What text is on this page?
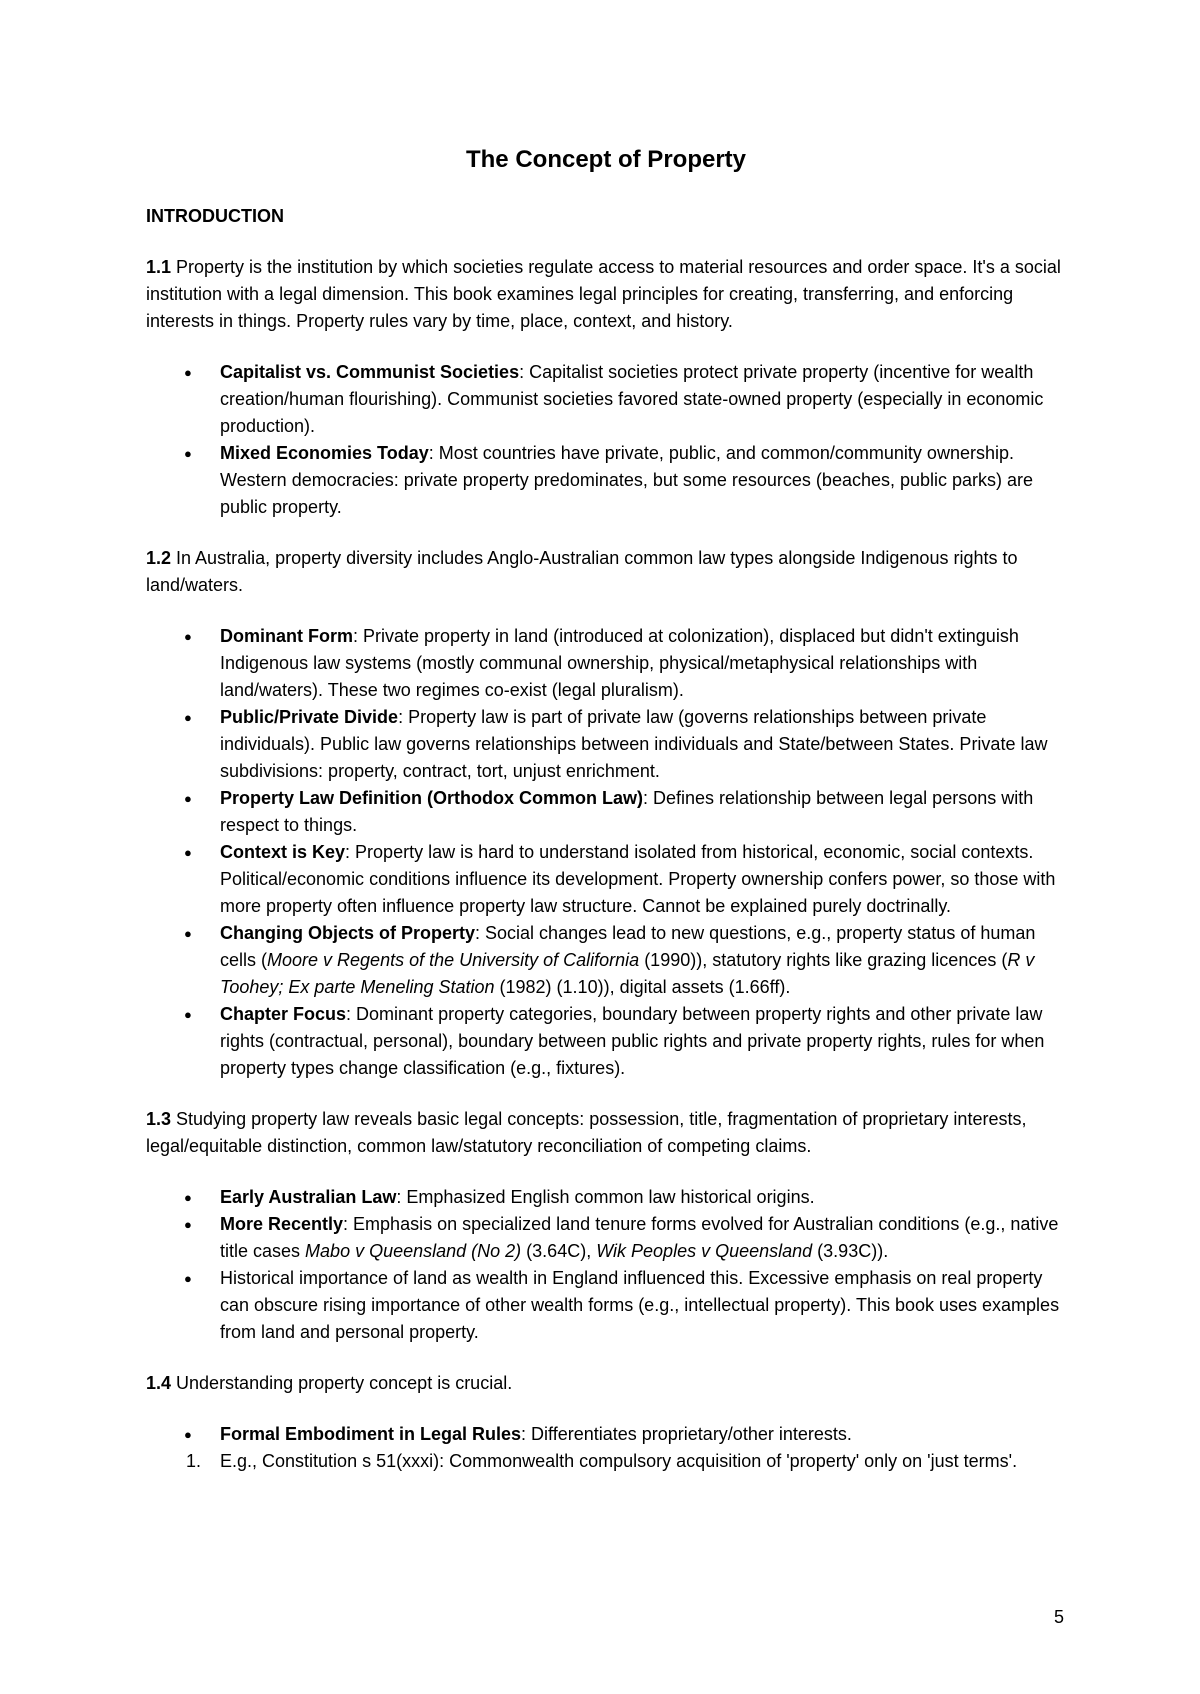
The Concept of Property
INTRODUCTION

1.1 Property is the institution by which societies regulate access to material resources and order space. It's a social institution with a legal dimension. This book examines legal principles for creating, transferring, and enforcing interests in things. Property rules vary by time, place, context, and history.

● Capitalist vs. Communist Societies: Capitalist societies protect private property (incentive for wealth creation/human flourishing). Communist societies favored state-owned property (especially in economic production).
● Mixed Economies Today: Most countries have private, public, and common/community ownership. Western democracies: private property predominates, but some resources (beaches, public parks) are public property.

1.2 In Australia, property diversity includes Anglo-Australian common law types alongside Indigenous rights to land/waters.

● Dominant Form: Private property in land (introduced at colonization), displaced but didn't extinguish Indigenous law systems (mostly communal ownership, physical/metaphysical relationships with land/waters). These two regimes co-exist (legal pluralism).
● Public/Private Divide: Property law is part of private law (governs relationships between private individuals). Public law governs relationships between individuals and State/between States. Private law subdivisions: property, contract, tort, unjust enrichment.
● Property Law Definition (Orthodox Common Law): Defines relationship between legal persons with respect to things.
● Context is Key: Property law is hard to understand isolated from historical, economic, social contexts. Political/economic conditions influence its development. Property ownership confers power, so those with more property often influence property law structure. Cannot be explained purely doctrinally.
● Changing Objects of Property: Social changes lead to new questions, e.g., property status of human cells (Moore v Regents of the University of California (1990)), statutory rights like grazing licences (R v Toohey; Ex parte Meneling Station (1982) (1.10)), digital assets (1.66ff).
● Chapter Focus: Dominant property categories, boundary between property rights and other private law rights (contractual, personal), boundary between public rights and private property rights, rules for when property types change classification (e.g., fixtures).

1.3 Studying property law reveals basic legal concepts: possession, title, fragmentation of proprietary interests, legal/equitable distinction, common law/statutory reconciliation of competing claims.

● Early Australian Law: Emphasized English common law historical origins.
● More Recently: Emphasis on specialized land tenure forms evolved for Australian conditions (e.g., native title cases Mabo v Queensland (No 2) (3.64C), Wik Peoples v Queensland (3.93C)).
● Historical importance of land as wealth in England influenced this. Excessive emphasis on real property can obscure rising importance of other wealth forms (e.g., intellectual property). This book uses examples from land and personal property.

1.4 Understanding property concept is crucial.

● Formal Embodiment in Legal Rules: Differentiates proprietary/other interests.
1. E.g., Constitution s 51(xxxi): Commonwealth compulsory acquisition of 'property' only on 'just terms'.
5
